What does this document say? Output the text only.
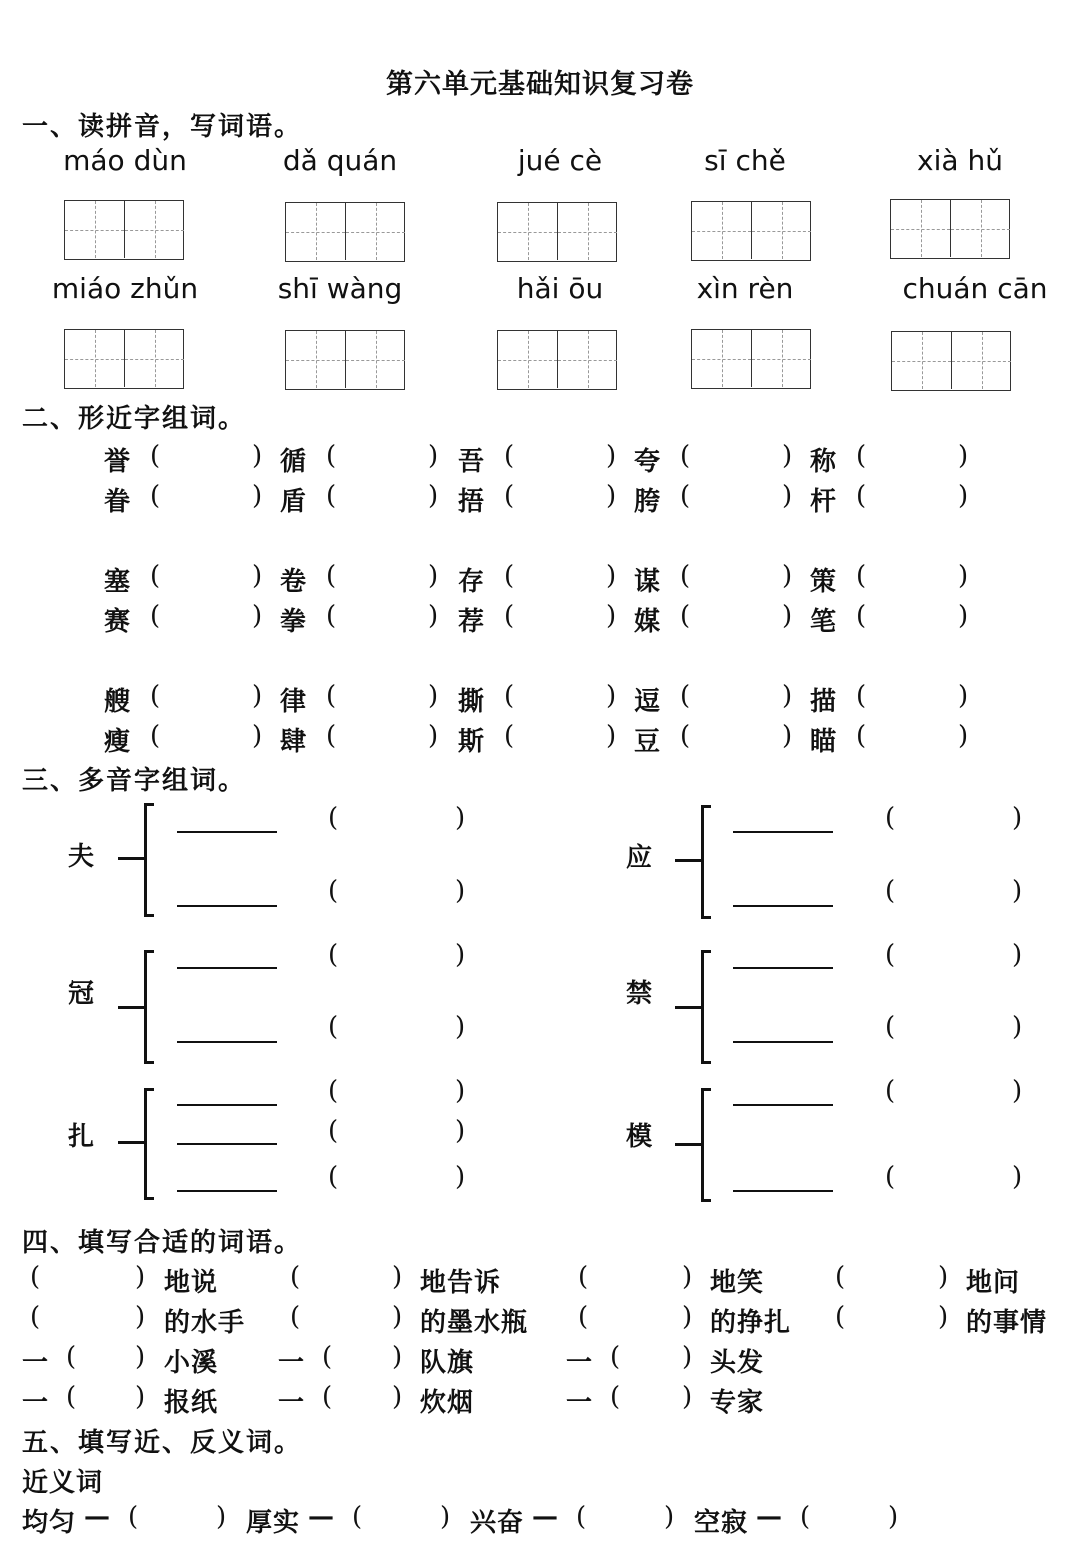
第六单元基础知识复习卷
一、读拼音，写词语。
máo dùn	dǎ quán	jué cè	sī chě	xià hǔ
miáo zhǔn	shī wàng	hǎi ōu	xìn rèn	chuán cān
二、形近字组词。
誉 (	) 循 (	) 吾 (	) 夸 (	) 称 (	)
眷 (	) 盾 (	) 捂 (	) 胯 (	) 杆 (	)
塞 (	) 卷 (	) 存 (	) 谋 (	) 策 (	)
赛 (	) 拳 (	) 荐 (	) 媒 (	) 笔 (	)
艘 (	) 律 (	) 撕 (	) 逗 (	) 描 (	)
瘦 (	) 肆 (	) 斯 (	) 豆 (	) 瞄 (	)
三、多音字组词。
夫
(	)
(	)
应
(	)
(	)
冠
(	)
(	)
禁
(	)
(	)
扎
(	)
(	)
(	)
模
(	)
(	)
四、填写合适的词语。
(	) 地说	(	) 地告诉	(	) 地笑	(	) 地问
(	) 的水手 (	) 的墨水瓶 (	) 的挣扎 (	) 的事情
一 ( ) 小溪 一 ( ) 队旗	一 ( ) 头发
一 ( ) 报纸 一 ( ) 炊烟	一 ( ) 专家
五、填写近、反义词。
近义词
均匀 — (	) 厚实 — (	) 兴奋 — (	) 空寂 — (	)
